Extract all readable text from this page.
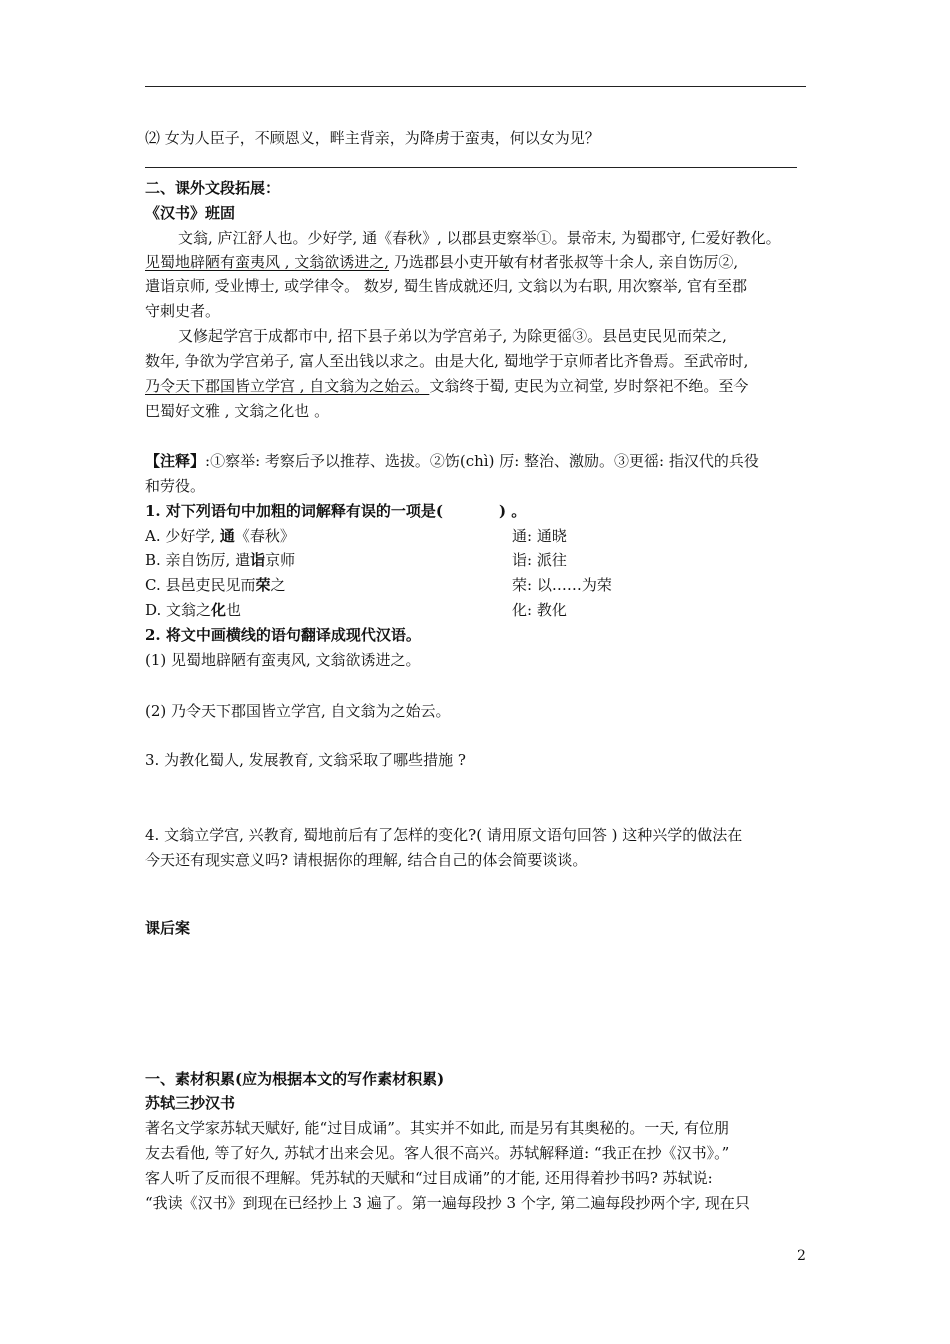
⑵ 女为人臣子，不顾恩义，畔主背亲，为降虏于蛮夷，何以女为见？
二、课外文段拓展：
《汉书》班固
文翁, 庐江舒人也。少好学, 通《春秋》, 以郡县吏察举①。景帝末, 为蜀郡守, 仁爱好教化。
见蜀地辟陋有蛮夷风 , 文翁欲诱进之, 乃选郡县小吏开敏有材者张叔等十余人, 亲自饬厉②,
遣诣京师, 受业博士, 或学律令。 数岁, 蜀生皆成就还归, 文翁以为右职, 用次察举, 官有至郡
守刺史者。
又修起学宫于成都市中, 招下县子弟以为学宫弟子, 为除更徭③。县邑吏民见而荣之,
数年, 争欲为学宫弟子, 富人至出钱以求之。由是大化, 蜀地学于京师者比齐鲁焉。至武帝时,
乃令天下郡国皆立学宫 , 自文翁为之始云。文翁终于蜀, 吏民为立祠堂, 岁时祭祀不绝。至今
巴蜀好文雅 , 文翁之化也 。
【注释】:①察举: 考察后予以推荐、选拔。②饬(chì) 厉: 整治、激励。③更徭: 指汉代的兵役
和劳役。
1. 对下列语句中加粗的词解释有误的一项是(	) 。
A. 少好学, 通《春秋》	通: 通晓
B. 亲自饬厉, 遣诣京师	诣: 派往
C. 县邑吏民见而荣之	荣: 以……为荣
D. 文翁之化也	化: 教化
2. 将文中画横线的语句翻译成现代汉语。
(1) 见蜀地辟陋有蛮夷风, 文翁欲诱进之。
(2) 乃令天下郡国皆立学宫, 自文翁为之始云。
3. 为教化蜀人, 发展教育, 文翁采取了哪些措施 ?
4. 文翁立学宫, 兴教育, 蜀地前后有了怎样的变化?( 请用原文语句回答 ) 这种兴学的做法在
今天还有现实意义吗? 请根据你的理解, 结合自己的体会简要谈谈。
课后案
一、素材积累(应为根据本文的写作素材积累)
苏轼三抄汉书
著名文学家苏轼天赋好, 能“过目成诵”。其实并不如此, 而是另有其奥秘的。一天, 有位朋
友去看他, 等了好久, 苏轼才出来会见。客人很不高兴。苏轼解释道: “我正在抄《汉书》。”
客人听了反而很不理解。凭苏轼的天赋和“过目成诵”的才能, 还用得着抄书吗? 苏轼说:
“我读《汉书》到现在已经抄上 3 遍了。第一遍每段抄 3 个字, 第二遍每段抄两个字, 现在只
2
